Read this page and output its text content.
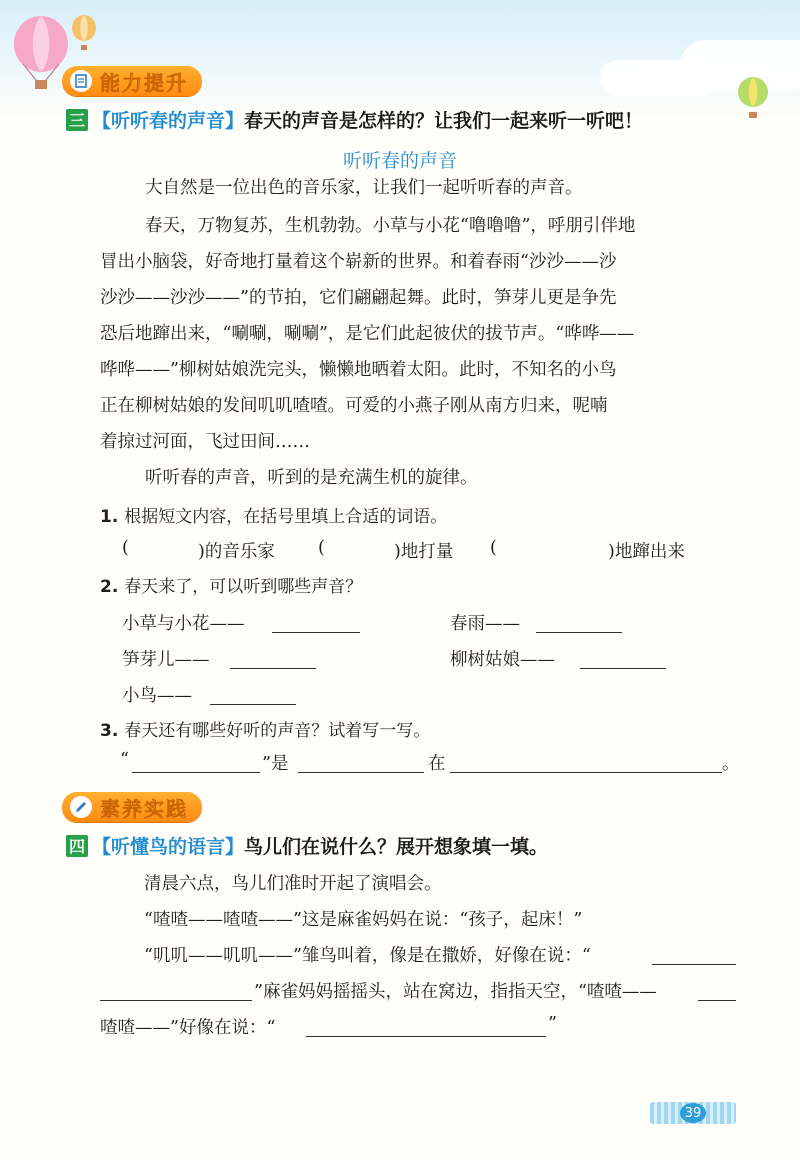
能力提升
三 【听听春的声音】 春天的声音是怎样的？让我们一起来听一听吧！
听听春的声音
大自然是一位出色的音乐家，让我们一起听听春的声音。
春天，万物复苏，生机勃勃。小草与小花“噜噜噜”，呼朋引伴地
冒出小脑袋，好奇地打量着这个崭新的世界。和着春雨“沙沙——沙
沙沙——沙沙——”的节拍，它们翩翩起舞。此时，笋芽儿更是争先
恐后地蹿出来，“唰唰，唰唰”，是它们此起彼伏的拔节声。“哗哗——
哗哗——”柳树姑娘洗完头，懒懒地晒着太阳。此时，不知名的小鸟
正在柳树姑娘的发间叽叽喳喳。可爱的小燕子刚从南方归来，呢喃
着掠过河面，飞过田间……
听听春的声音，听到的是充满生机的旋律。
1. 根据短文内容，在括号里填上合适的词语。
(	)的音乐家 (	)地打量 (	)地蹿出来
2. 春天来了，可以听到哪些声音？
小草与小花——	春雨——
笋芽儿——	柳树姑娘——
小鸟——
3. 春天还有哪些好听的声音？试着写一写。
“	”是	在	。
素养实践
四 【听懂鸟的语言】 鸟儿们在说什么？展开想象填一填。
清晨六点，鸟儿们准时开起了演唱会。
“喳喳——喳喳——”这是麻雀妈妈在说：“孩子，起床！”
“叽叽——叽叽——”雏鸟叫着，像是在撒娇，好像在说：“
”麻雀妈妈摇摇头，站在窝边，指指天空，“喳喳——
喳喳——”好像在说：“	”
39
